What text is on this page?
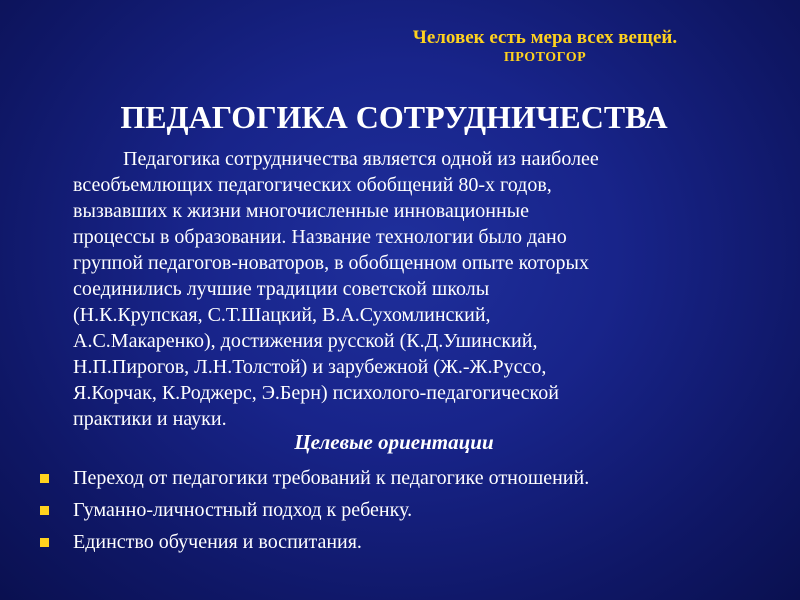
Человек есть мера всех вещей.
ПРОТОГОР
ПЕДАГОГИКА СОТРУДНИЧЕСТВА

Педагогика сотрудничества является одной из наиболее
всеобъемлющих педагогических обобщений 80-х годов,
вызвавших к жизни многочисленные инновационные
процессы в образовании. Название технологии было дано
группой педагогов-новаторов, в обобщенном опыте которых
соединились лучшие традиции советской школы
(Н.К.Крупская, С.Т.Шацкий, В.А.Сухомлинский,
А.С.Макаренко), достижения русской (К.Д.Ушинский,
Н.П.Пирогов, Л.Н.Толстой) и зарубежной (Ж.-Ж.Руссо,
Я.Корчак, К.Роджерс, Э.Берн) психолого-педагогической
практики и науки.

Целевые ориентации
Переход от педагогики требований к педагогике отношений.
Гуманно-личностный подход к ребенку.
Единство обучения и воспитания.
